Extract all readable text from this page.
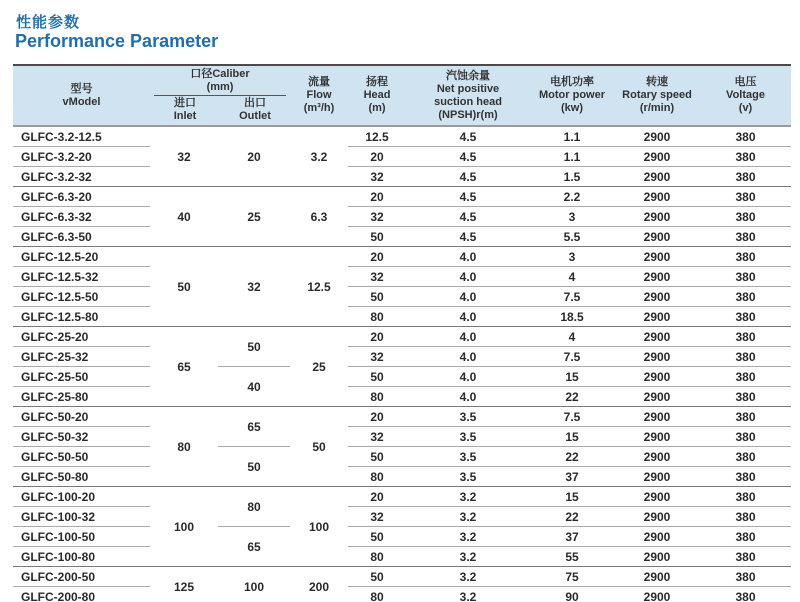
性能参数
Performance Parameter
型号
vModel

口径Caliber
(mm)
进口
Inlet
出口
Outlet

流量
Flow
(m³/h)

扬程
Head
(m)

汽蚀余量
Net positive
suction head
(NPSH)r(m)

电机功率
Motor power
(kw)

转速
Rotary speed
(r/min)

电压
Voltage
(v)

GLFC-3.2-12.5	32	20	3.2	12.5	4.5	1.1	2900	380
GLFC-3.2-20				20	4.5	1.1	2900	380
GLFC-3.2-32				32	4.5	1.5	2900	380
GLFC-6.3-20	40	25	6.3	20	4.5	2.2	2900	380
GLFC-6.3-32				32	4.5	3	2900	380
GLFC-6.3-50				50	4.5	5.5	2900	380
GLFC-12.5-20	50	32	12.5	20	4.0	3	2900	380
GLFC-12.5-32				32	4.0	4	2900	380
GLFC-12.5-50				50	4.0	7.5	2900	380
GLFC-12.5-80				80	4.0	18.5	2900	380
GLFC-25-20	65	50	25	20	4.0	4	2900	380
GLFC-25-32				32	4.0	7.5	2900	380
GLFC-25-50		40		50	4.0	15	2900	380
GLFC-25-80				80	4.0	22	2900	380
GLFC-50-20	80	65	50	20	3.5	7.5	2900	380
GLFC-50-32				32	3.5	15	2900	380
GLFC-50-50		50		50	3.5	22	2900	380
GLFC-50-80				80	3.5	37	2900	380
GLFC-100-20	100	80	100	20	3.2	15	2900	380
GLFC-100-32				32	3.2	22	2900	380
GLFC-100-50		65		50	3.2	37	2900	380
GLFC-100-80				80	3.2	55	2900	380
GLFC-200-50	125	100	200	50	3.2	75	2900	380
GLFC-200-80				80	3.2	90	2900	380
